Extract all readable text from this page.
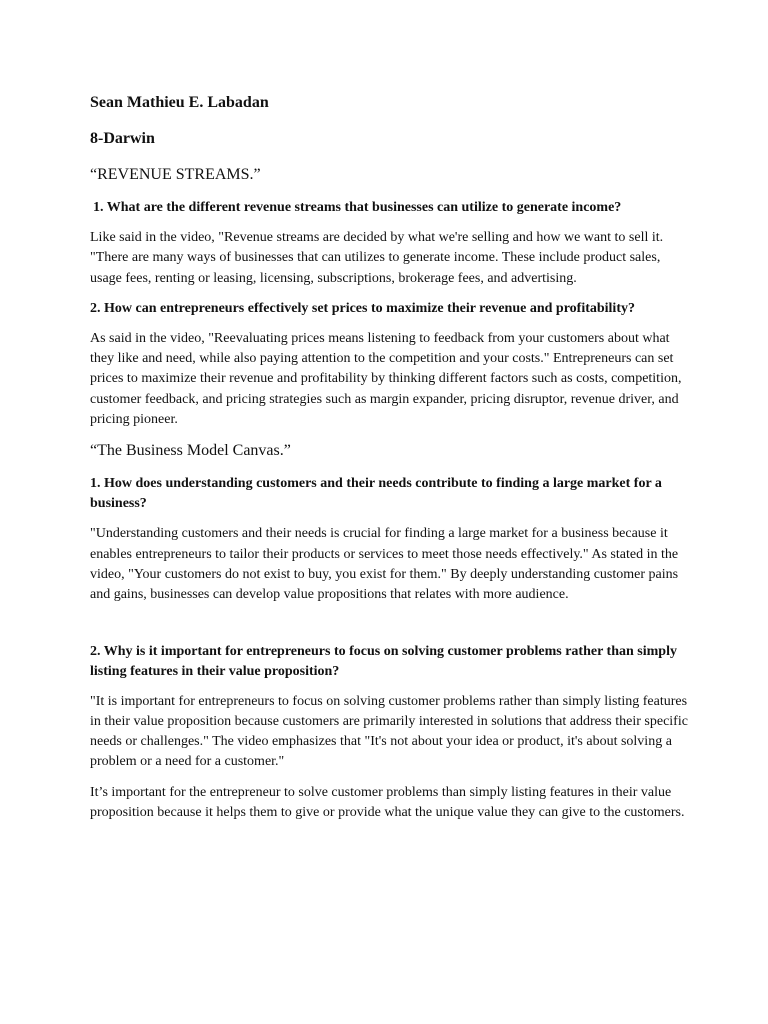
Sean Mathieu E. Labadan
8-Darwin
“REVENUE STREAMS.”
1. What are the different revenue streams that businesses can utilize to generate income?
Like said in the video, "Revenue streams are decided by what we're selling and how we want to sell it. "There are many ways of businesses that can utilizes to generate income. These include product sales, usage fees, renting or leasing, licensing, subscriptions, brokerage fees, and advertising.
2. How can entrepreneurs effectively set prices to maximize their revenue and profitability?
As said in the video, "Reevaluating prices means listening to feedback from your customers about what they like and need, while also paying attention to the competition and your costs." Entrepreneurs can set prices to maximize their revenue and profitability by thinking different factors such as costs, competition, customer feedback, and pricing strategies such as margin expander, pricing disruptor, revenue driver, and pricing pioneer.
“The Business Model Canvas.”
1. How does understanding customers and their needs contribute to finding a large market for a business?
"Understanding customers and their needs is crucial for finding a large market for a business because it enables entrepreneurs to tailor their products or services to meet those needs effectively." As stated in the video, "Your customers do not exist to buy, you exist for them." By deeply understanding customer pains and gains, businesses can develop value propositions that relates with more audience.
2. Why is it important for entrepreneurs to focus on solving customer problems rather than simply listing features in their value proposition?
"It is important for entrepreneurs to focus on solving customer problems rather than simply listing features in their value proposition because customers are primarily interested in solutions that address their specific needs or challenges." The video emphasizes that "It's not about your idea or product, it's about solving a problem or a need for a customer."
It’s important for the entrepreneur to solve customer problems than simply listing features in their value proposition because it helps them to give or provide what the unique value they can give to the customers.
